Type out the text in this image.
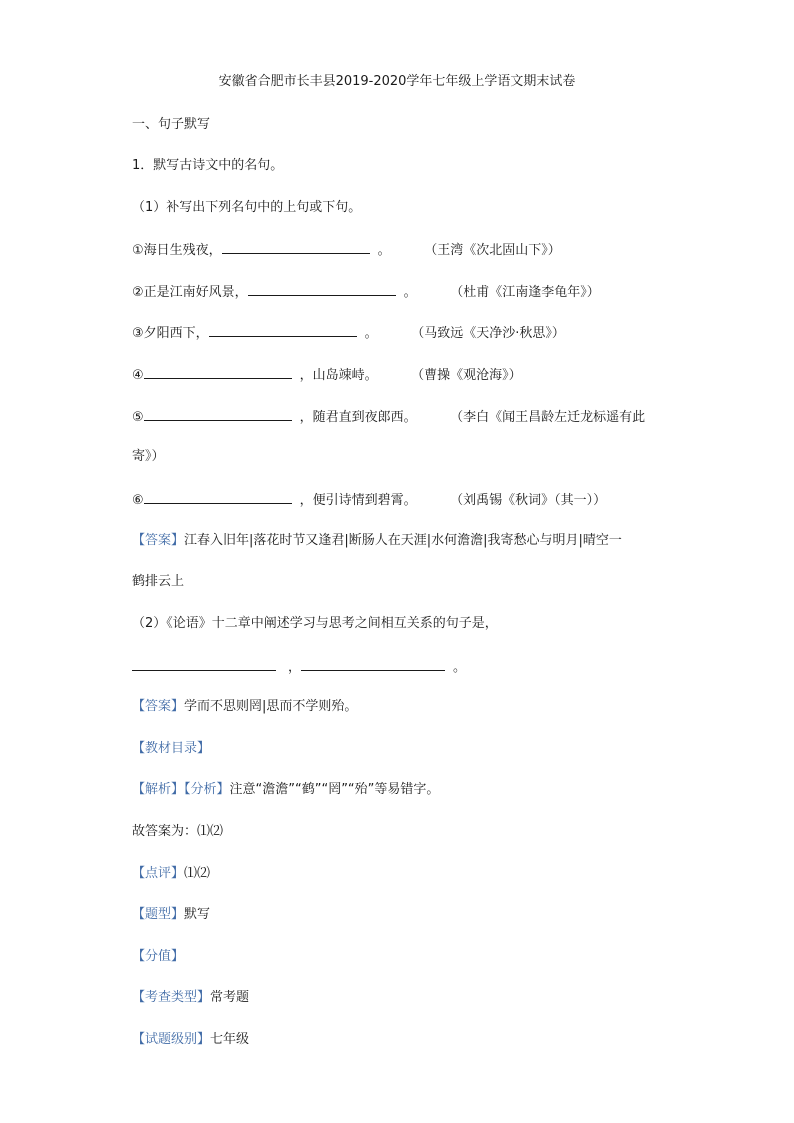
安徽省合肥市长丰县2019-2020学年七年级上学语文期末试卷
一、句子默写
1．默写古诗文中的名句。
（1）补写出下列名句中的上句或下句。
①海日生残夜，	。	（王湾《次北固山下》）
②正是江南好风景，	。	（杜甫《江南逢李龟年》）
③夕阳西下，	。	（马致远《天净沙·秋思》）
④	，山岛竦峙。	（曹操《观沧海》）
⑤	，随君直到夜郎西。	（李白《闻王昌龄左迁龙标遥有此
寄》）
⑥	，便引诗情到碧霄。	（刘禹锡《秋词》（其一））
【答案】江春入旧年|落花时节又逢君|断肠人在天涯|水何澹澹|我寄愁心与明月|晴空一
鹤排云上
（2）《论语》十二章中阐述学习与思考之间相互关系的句子是，
，	。
【答案】学而不思则罔|思而不学则殆。
【教材目录】
【解析】【分析】注意“澹澹”“鹤”“罔”“殆”等易错字。
故答案为：⑴⑵
【点评】⑴⑵
【题型】默写
【分值】
【考查类型】常考题
【试题级别】七年级
